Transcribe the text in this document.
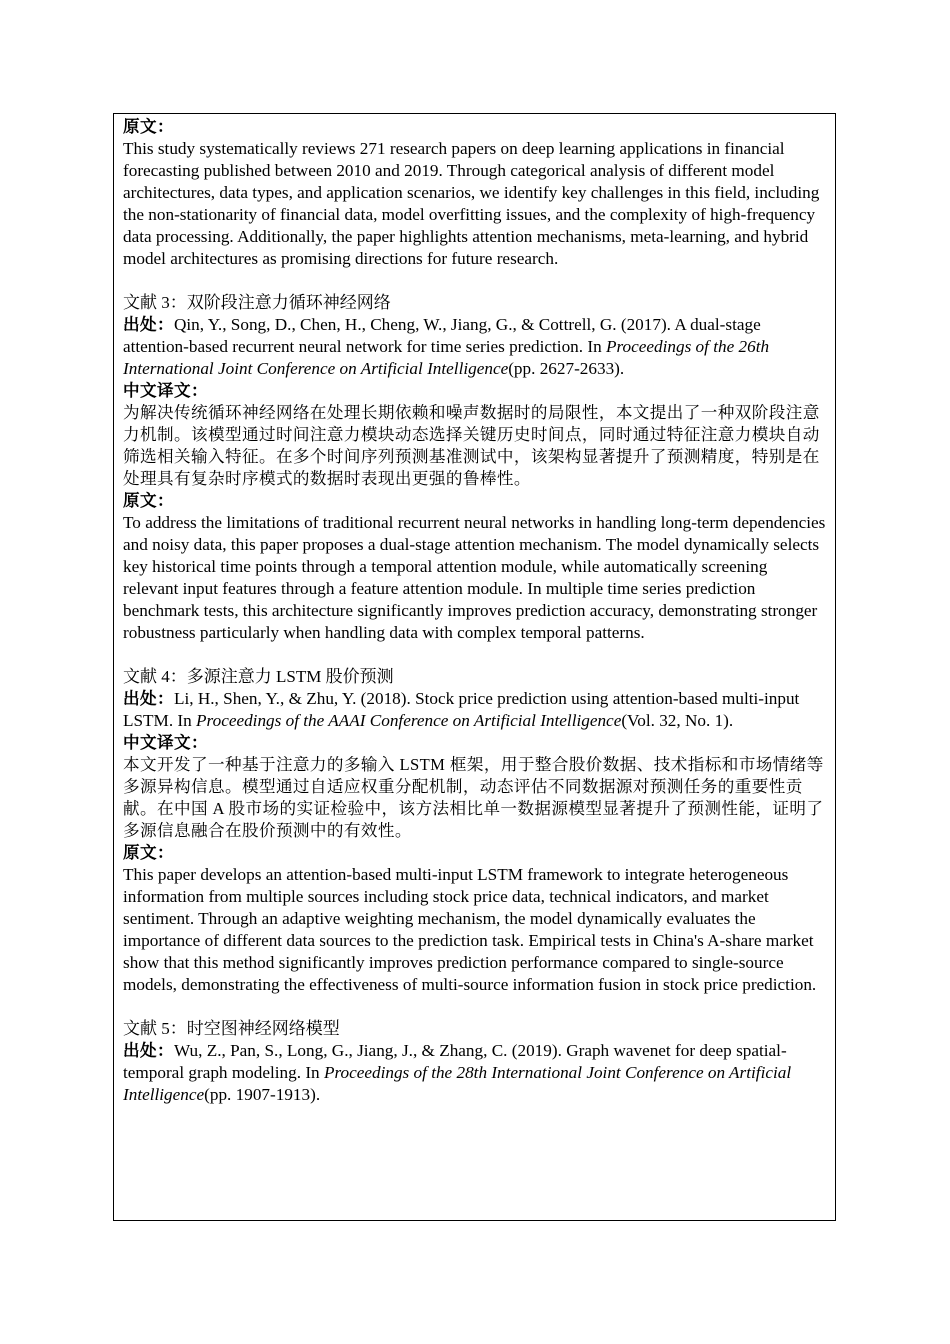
原文：
This study systematically reviews 271 research papers on deep learning applications in financial forecasting published between 2010 and 2019. Through categorical analysis of different model architectures, data types, and application scenarios, we identify key challenges in this field, including the non-stationarity of financial data, model overfitting issues, and the complexity of high-frequency data processing. Additionally, the paper highlights attention mechanisms, meta-learning, and hybrid model architectures as promising directions for future research.
文献 3：双阶段注意力循环神经网络
出处：Qin, Y., Song, D., Chen, H., Cheng, W., Jiang, G., & Cottrell, G. (2017). A dual-stage attention-based recurrent neural network for time series prediction. In Proceedings of the 26th International Joint Conference on Artificial Intelligence(pp. 2627-2633).
中文译文：
为解决传统循环神经网络在处理长期依赖和噪声数据时的局限性，本文提出了一种双阶段注意力机制。该模型通过时间注意力模块动态选择关键历史时间点，同时通过特征注意力模块自动筛选相关输入特征。在多个时间序列预测基准测试中，该架构显著提升了预测精度，特别是在处理具有复杂时序模式的数据时表现出更强的鲁棒性。
原文：
To address the limitations of traditional recurrent neural networks in handling long-term dependencies and noisy data, this paper proposes a dual-stage attention mechanism. The model dynamically selects key historical time points through a temporal attention module, while automatically screening relevant input features through a feature attention module. In multiple time series prediction benchmark tests, this architecture significantly improves prediction accuracy, demonstrating stronger robustness particularly when handling data with complex temporal patterns.
文献 4：多源注意力 LSTM 股价预测
出处：Li, H., Shen, Y., & Zhu, Y. (2018). Stock price prediction using attention-based multi-input LSTM. In Proceedings of the AAAI Conference on Artificial Intelligence(Vol. 32, No. 1).
中文译文：
本文开发了一种基于注意力的多输入 LSTM 框架，用于整合股价数据、技术指标和市场情绪等多源异构信息。模型通过自适应权重分配机制，动态评估不同数据源对预测任务的重要性贡献。在中国 A 股市场的实证检验中，该方法相比单一数据源模型显著提升了预测性能，证明了多源信息融合在股价预测中的有效性。
原文：
This paper develops an attention-based multi-input LSTM framework to integrate heterogeneous information from multiple sources including stock price data, technical indicators, and market sentiment. Through an adaptive weighting mechanism, the model dynamically evaluates the importance of different data sources to the prediction task. Empirical tests in China's A-share market show that this method significantly improves prediction performance compared to single-source models, demonstrating the effectiveness of multi-source information fusion in stock price prediction.
文献 5：时空图神经网络模型
出处：Wu, Z., Pan, S., Long, G., Jiang, J., & Zhang, C. (2019). Graph wavenet for deep spatial-temporal graph modeling. In Proceedings of the 28th International Joint Conference on Artificial Intelligence(pp. 1907-1913).
